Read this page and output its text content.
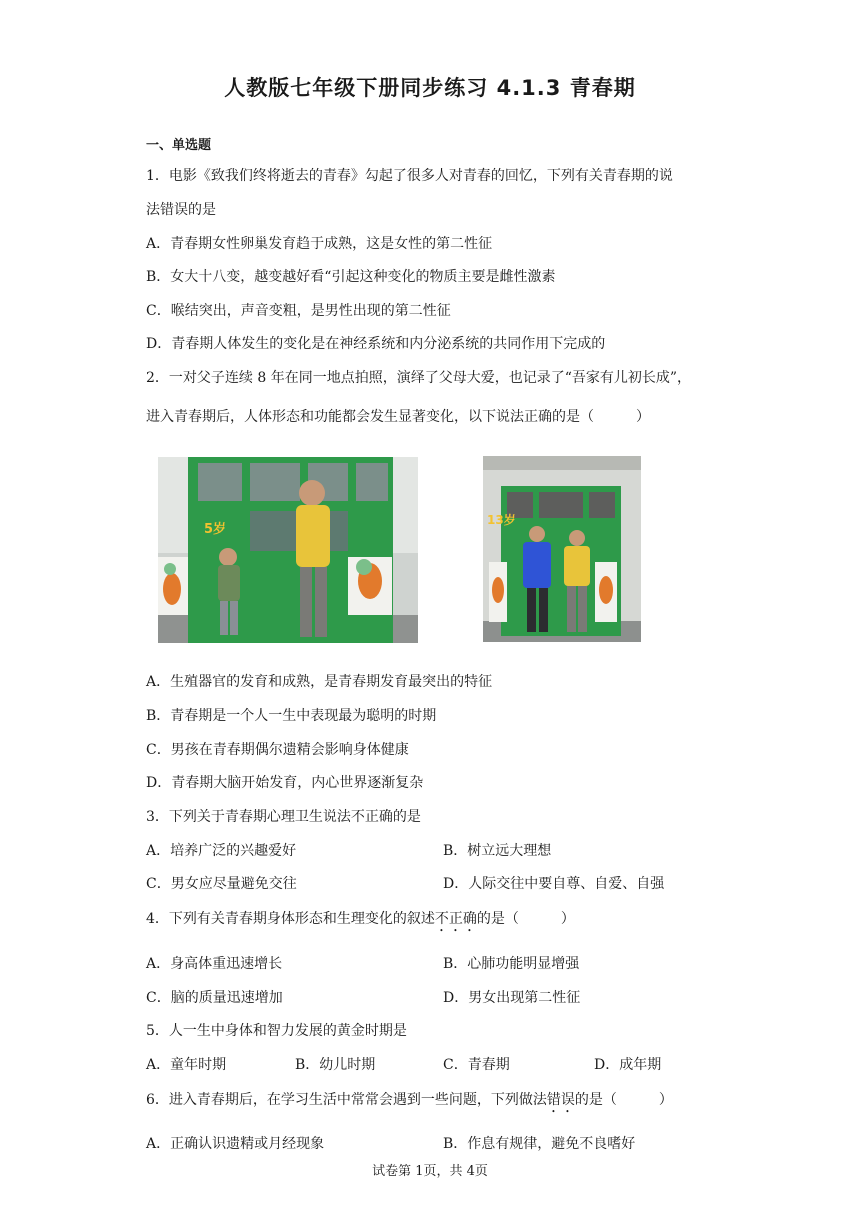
人教版七年级下册同步练习 4.1.3 青春期
一、单选题
1．电影《致我们终将逝去的青春》勾起了很多人对青春的回忆，下列有关青春期的说
法错误的是
A．青春期女性卵巢发育趋于成熟，这是女性的第二性征
B．女大十八变，越变越好看“引起这种变化的物质主要是雌性激素
C．喉结突出，声音变粗，是男性出现的第二性征
D．青春期人体发生的变化是在神经系统和内分泌系统的共同作用下完成的
2．一对父子连续 8 年在同一地点拍照，演绎了父母大爱，也记录了“吾家有儿初长成”，
进入青春期后，人体形态和功能都会发生显著变化，以下说法正确的是（　　　）
5岁
13岁
A．生殖器官的发育和成熟，是青春期发育最突出的特征
B．青春期是一个人一生中表现最为聪明的时期
C．男孩在青春期偶尔遗精会影响身体健康
D．青春期大脑开始发育，内心世界逐渐复杂
3．下列关于青春期心理卫生说法不正确的是
A．培养广泛的兴趣爱好	B．树立远大理想
C．男女应尽量避免交往	D．人际交往中要自尊、自爱、自强
4．下列有关青春期身体形态和生理变化的叙述不正确的是（　　　）
A．身高体重迅速增长	B．心肺功能明显增强
C．脑的质量迅速增加	D．男女出现第二性征
5．人一生中身体和智力发展的黄金时期是
A．童年时期	B．幼儿时期	C．青春期	D．成年期
6．进入青春期后，在学习生活中常常会遇到一些问题，下列做法错误的是（　　　）
A．正确认识遗精或月经现象	B．作息有规律，避免不良嗜好
试卷第 1页，共 4页
